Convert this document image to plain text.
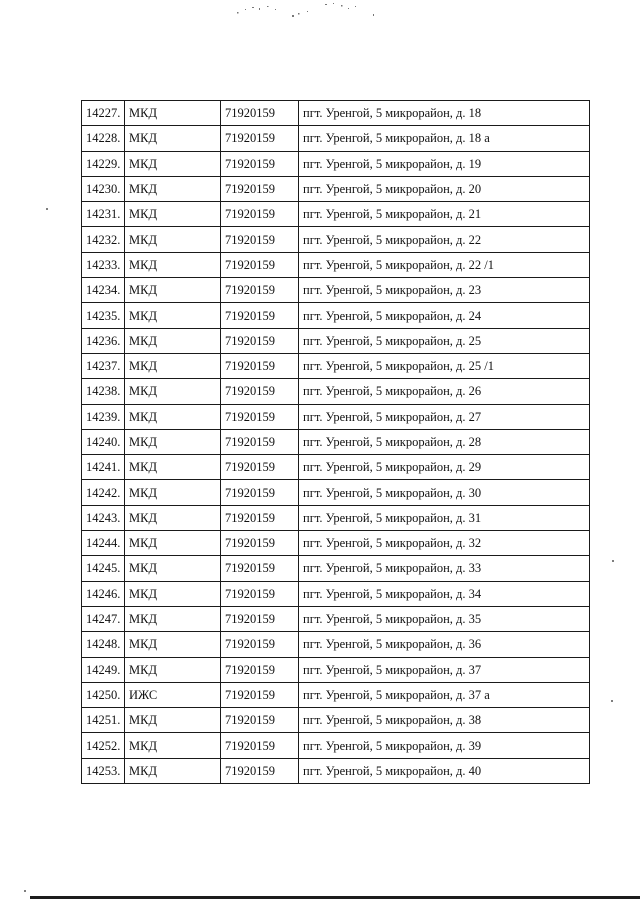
14227.	МКД	71920159	пгт. Уренгой, 5 микрорайон, д. 18
14228.	МКД	71920159	пгт. Уренгой, 5 микрорайон, д. 18 а
14229.	МКД	71920159	пгт. Уренгой, 5 микрорайон, д. 19
14230.	МКД	71920159	пгт. Уренгой, 5 микрорайон, д. 20
14231.	МКД	71920159	пгт. Уренгой, 5 микрорайон, д. 21
14232.	МКД	71920159	пгт. Уренгой, 5 микрорайон, д. 22
14233.	МКД	71920159	пгт. Уренгой, 5 микрорайон, д. 22 /1
14234.	МКД	71920159	пгт. Уренгой, 5 микрорайон, д. 23
14235.	МКД	71920159	пгт. Уренгой, 5 микрорайон, д. 24
14236.	МКД	71920159	пгт. Уренгой, 5 микрорайон, д. 25
14237.	МКД	71920159	пгт. Уренгой, 5 микрорайон, д. 25 /1
14238.	МКД	71920159	пгт. Уренгой, 5 микрорайон, д. 26
14239.	МКД	71920159	пгт. Уренгой, 5 микрорайон, д. 27
14240.	МКД	71920159	пгт. Уренгой, 5 микрорайон, д. 28
14241.	МКД	71920159	пгт. Уренгой, 5 микрорайон, д. 29
14242.	МКД	71920159	пгт. Уренгой, 5 микрорайон, д. 30
14243.	МКД	71920159	пгт. Уренгой, 5 микрорайон, д. 31
14244.	МКД	71920159	пгт. Уренгой, 5 микрорайон, д. 32
14245.	МКД	71920159	пгт. Уренгой, 5 микрорайон, д. 33
14246.	МКД	71920159	пгт. Уренгой, 5 микрорайон, д. 34
14247.	МКД	71920159	пгт. Уренгой, 5 микрорайон, д. 35
14248.	МКД	71920159	пгт. Уренгой, 5 микрорайон, д. 36
14249.	МКД	71920159	пгт. Уренгой, 5 микрорайон, д. 37
14250.	ИЖС	71920159	пгт. Уренгой, 5 микрорайон, д. 37 а
14251.	МКД	71920159	пгт. Уренгой, 5 микрорайон, д. 38
14252.	МКД	71920159	пгт. Уренгой, 5 микрорайон, д. 39
14253.	МКД	71920159	пгт. Уренгой, 5 микрорайон, д. 40
